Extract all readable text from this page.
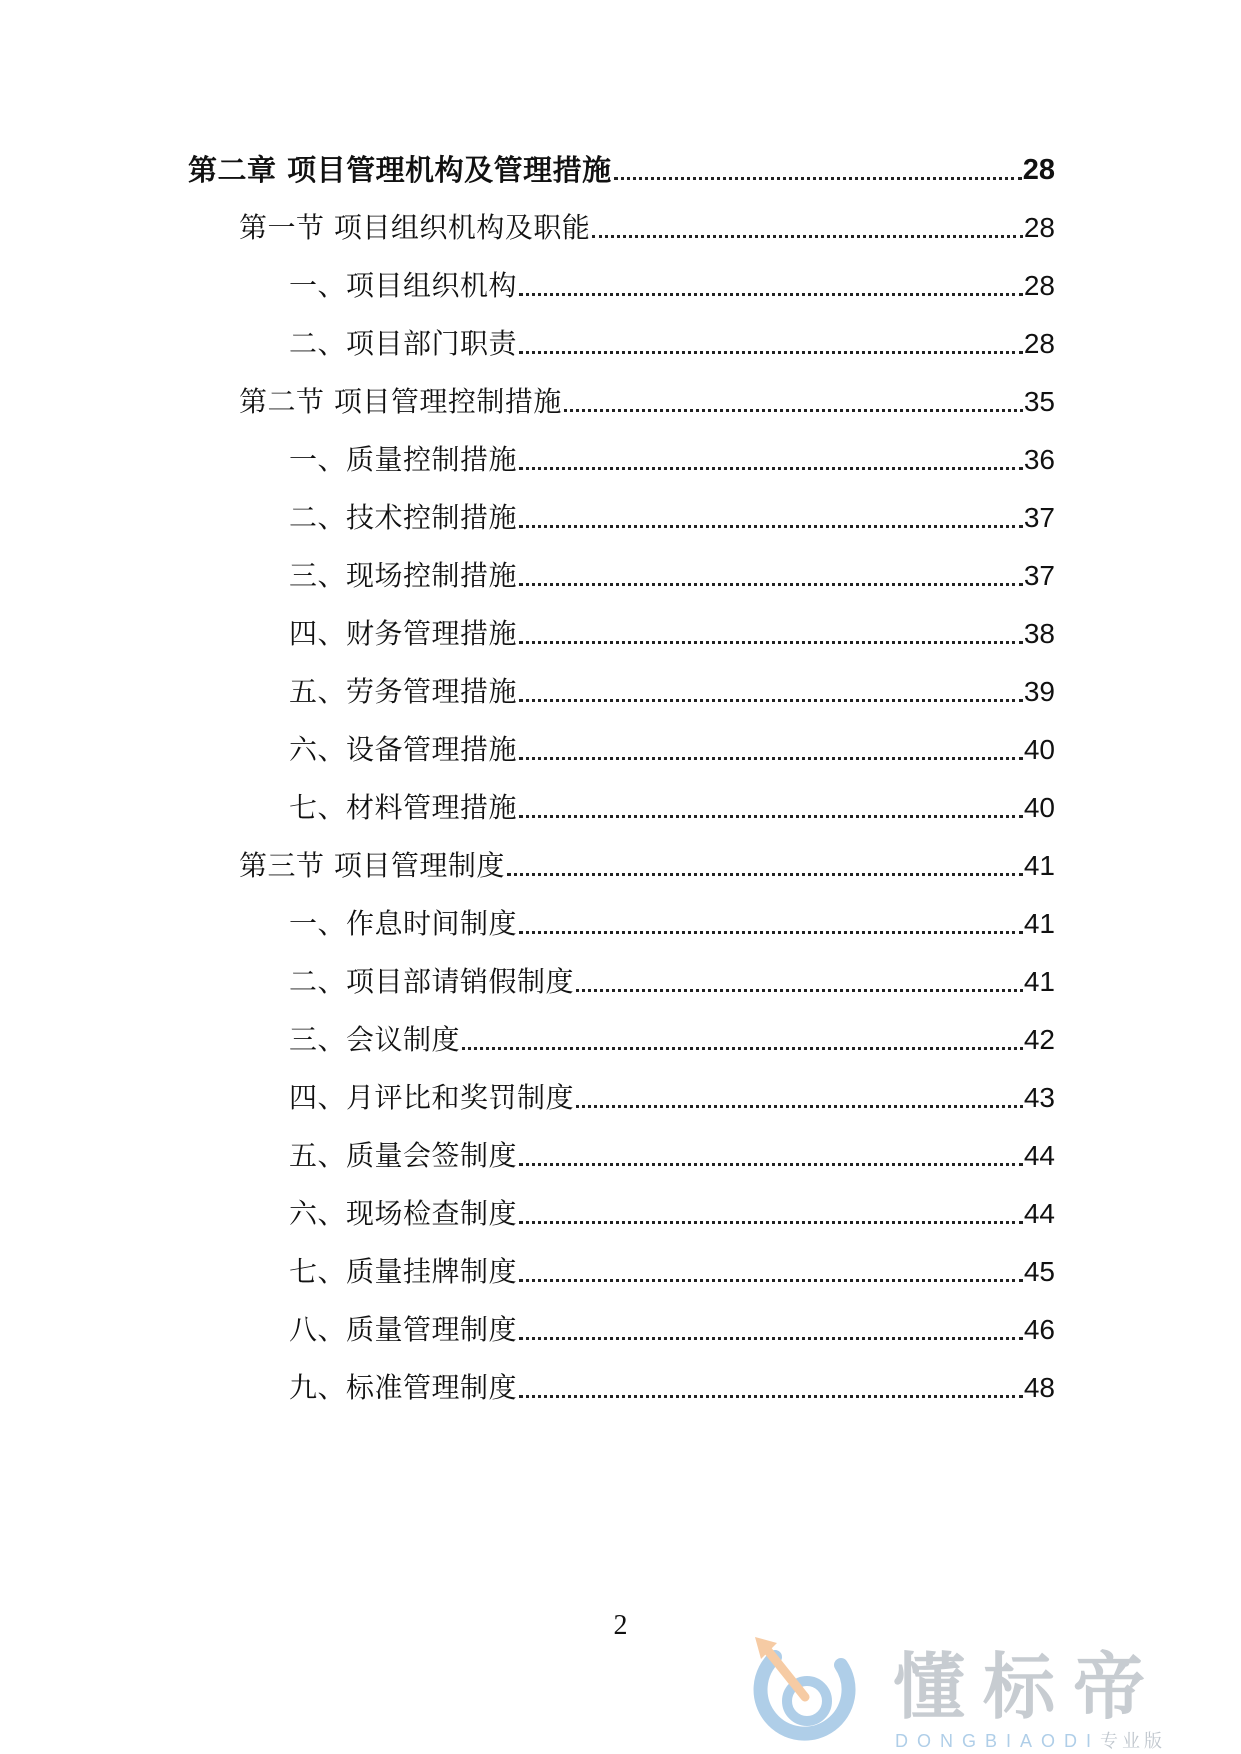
第二章 项目管理机构及管理措施	28
第一节 项目组织机构及职能	28
一、项目组织机构	28
二、项目部门职责	28
第二节 项目管理控制措施	35
一、质量控制措施	36
二、技术控制措施	37
三、现场控制措施	37
四、财务管理措施	38
五、劳务管理措施	39
六、设备管理措施	40
七、材料管理措施	40
第三节 项目管理制度	41
一、作息时间制度	41
二、项目部请销假制度	41
三、会议制度	42
四、月评比和奖罚制度	43
五、质量会签制度	44
六、现场检查制度	44
七、质量挂牌制度	45
八、质量管理制度	46
九、标准管理制度	48
2
懂标帝
DONGBIAODI专业版
